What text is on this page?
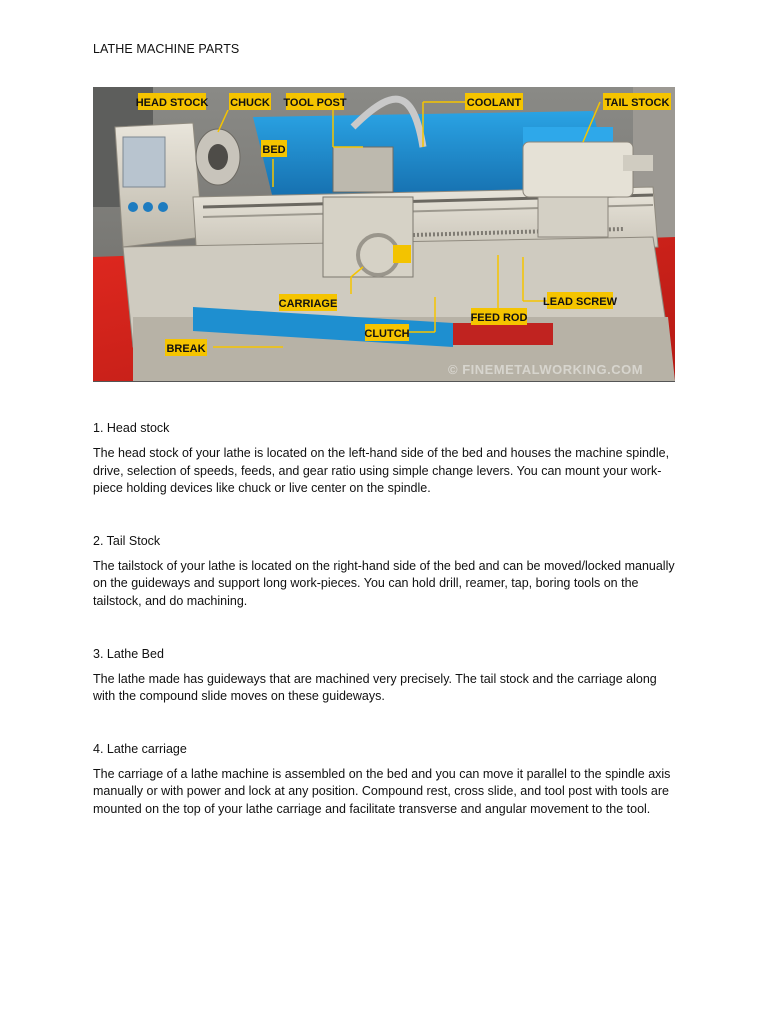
LATHE MACHINE PARTS
HEAD STOCK CHUCK TOOL POST	COOLANT	TAIL STOCK
BED
CARRIAGE
CLUTCH
FEED ROD
LEAD SCREW
BREAK
© FINEMETALWORKING.COM
1. Head stock

The head stock of your lathe is located on the left-hand side of the bed and houses the machine spindle, drive, selection of speeds, feeds, and gear ratio using simple change levers. You can mount your work-piece holding devices like chuck or live center on the spindle.

2. Tail Stock

The tailstock of your lathe is located on the right-hand side of the bed and can be moved/locked manually on the guideways and support long work-pieces. You can hold drill, reamer, tap, boring tools on the tailstock, and do machining.

3. Lathe Bed

The lathe made has guideways that are machined very precisely. The tail stock and the carriage along with the compound slide moves on these guideways.

4. Lathe carriage

The carriage of a lathe machine is assembled on the bed and you can move it parallel to the spindle axis manually or with power and lock at any position. Compound rest, cross slide, and tool post with tools are mounted on the top of your lathe carriage and facilitate transverse and angular movement to the tool.
